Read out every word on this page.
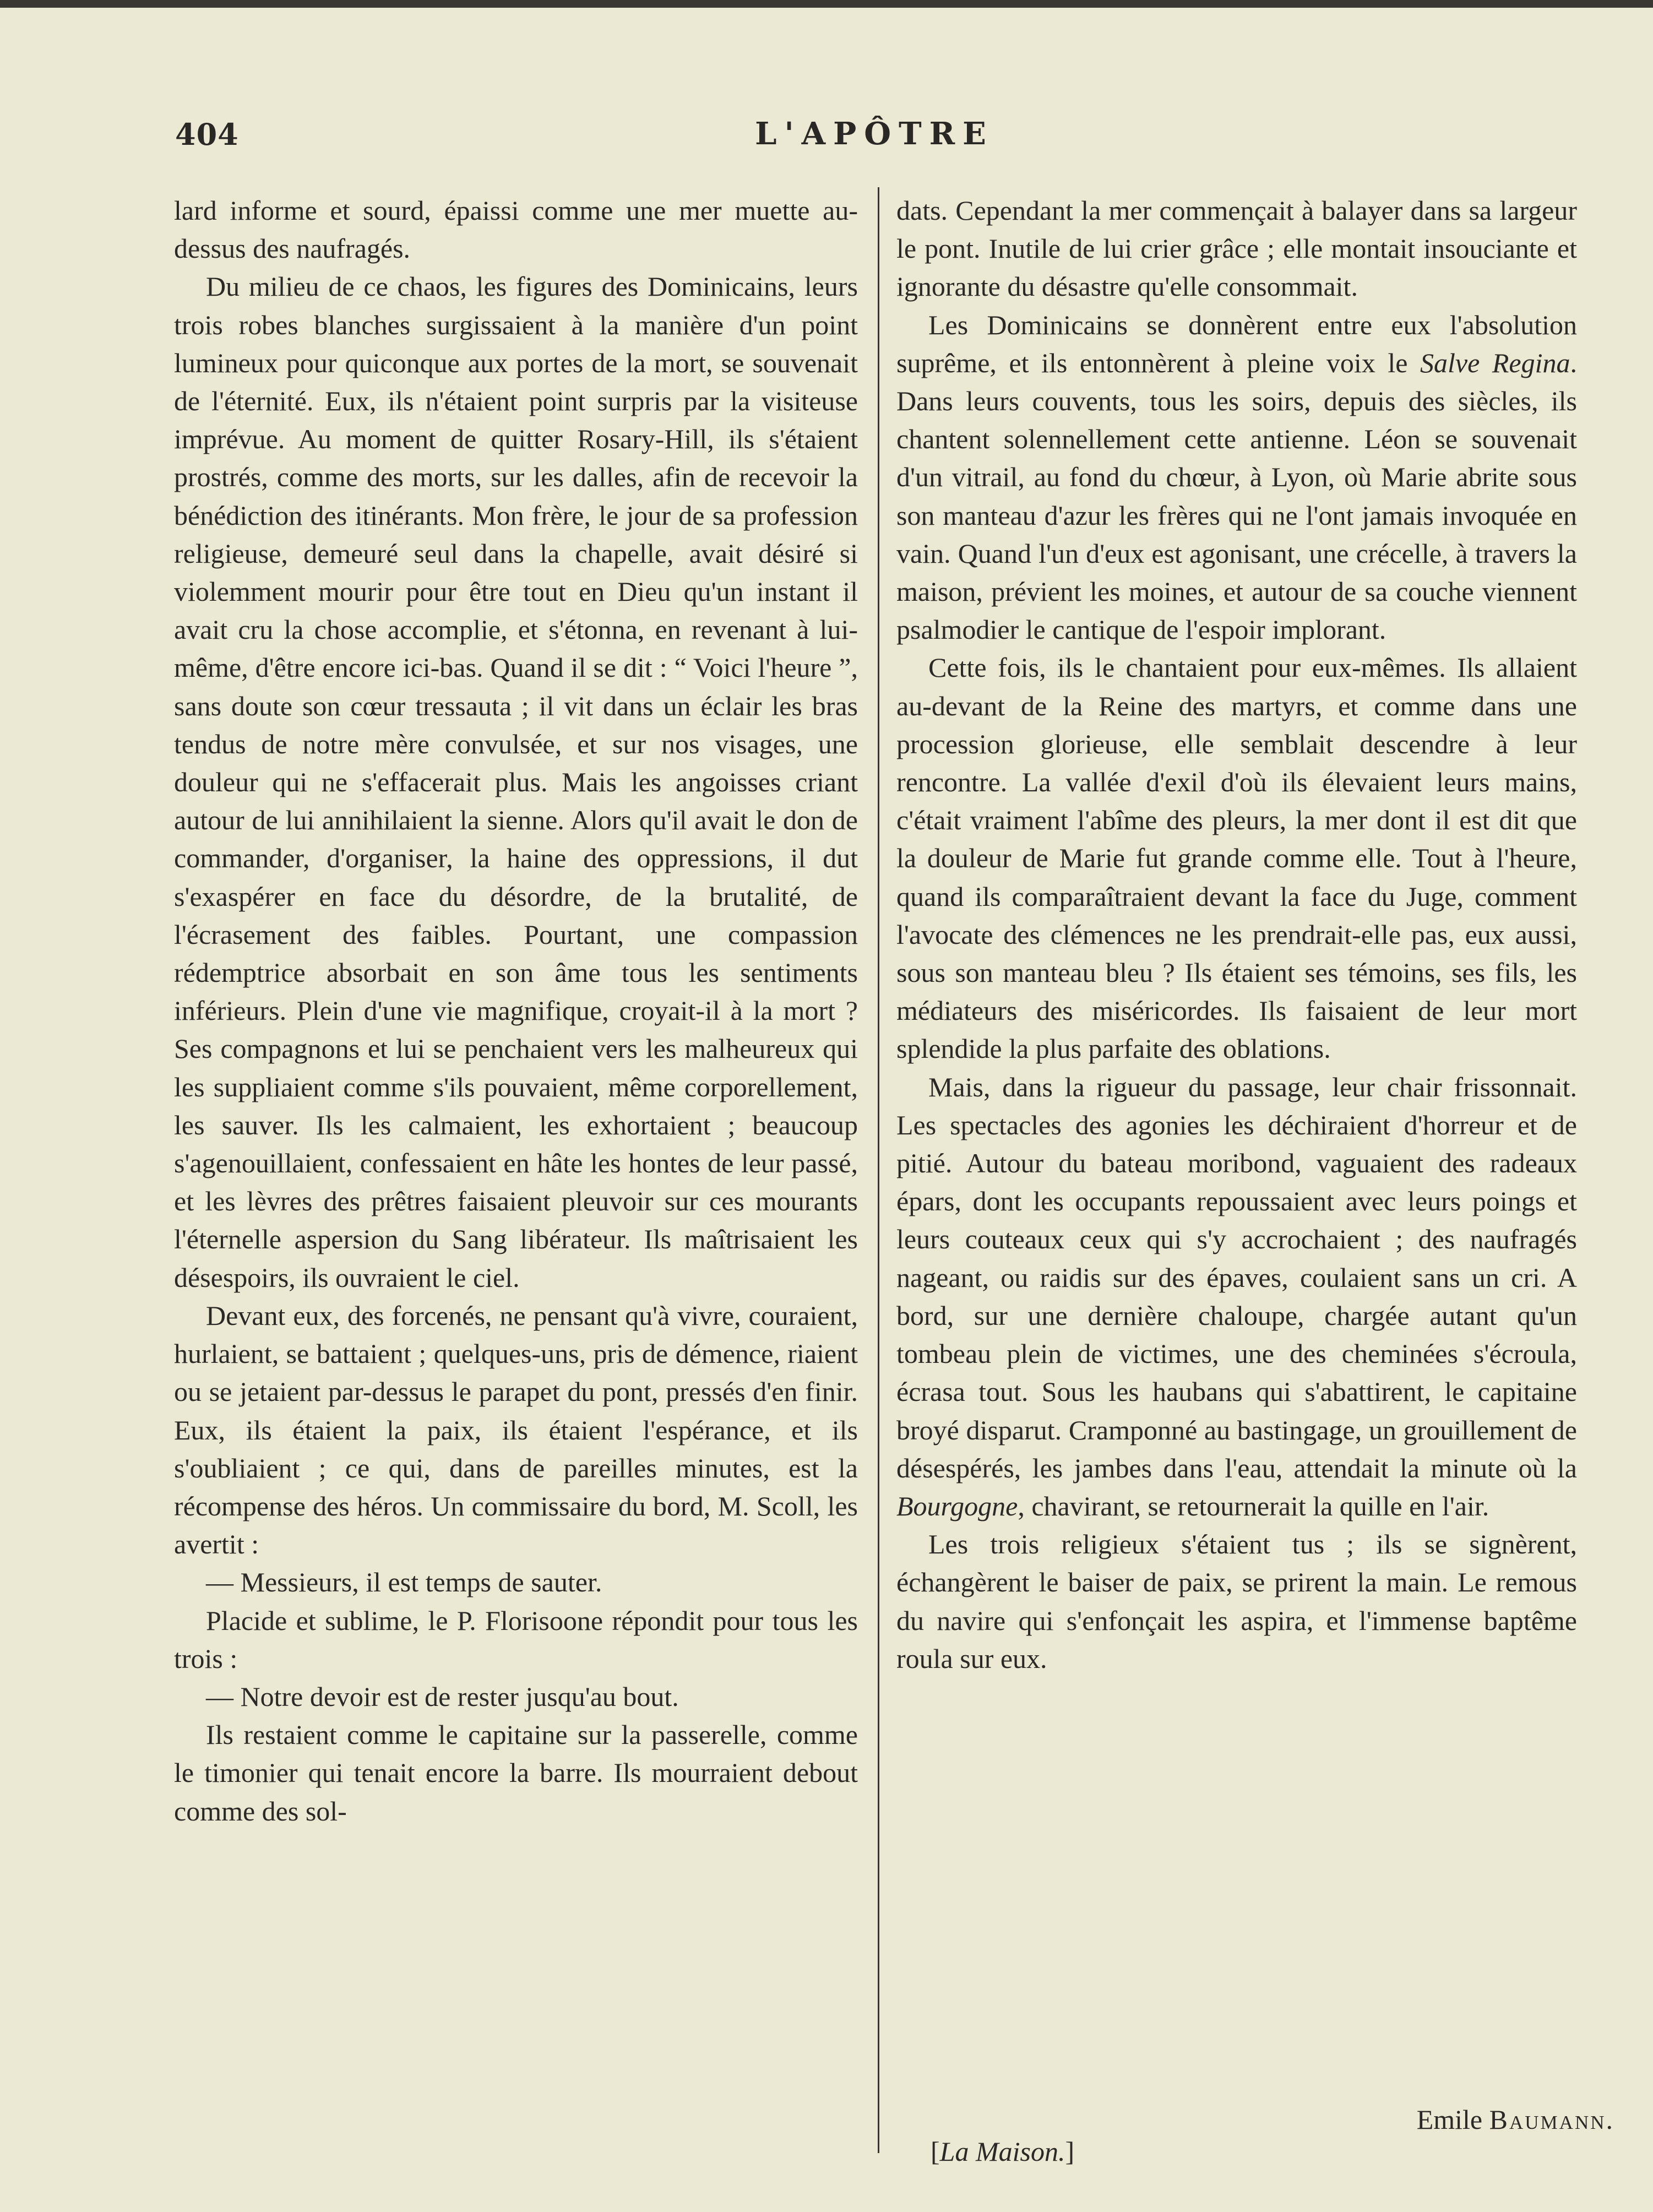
404	L'APÔTRE

lard informe et sourd, épaissi comme une mer muette au-dessus des naufragés.

Du milieu de ce chaos, les figures des Dominicains, leurs trois robes blanches surgissaient à la manière d'un point lumineux pour quiconque aux portes de la mort, se souvenait de l'éternité. Eux, ils n'étaient point surpris par la visiteuse imprévue. Au moment de quitter Rosary-Hill, ils s'étaient prostrés, comme des morts, sur les dalles, afin de recevoir la bénédiction des itinérants. Mon frère, le jour de sa profession religieuse, demeuré seul dans la chapelle, avait désiré si violemment mourir pour être tout en Dieu qu'un instant il avait cru la chose accomplie, et s'étonna, en revenant à lui-même, d'être encore ici-bas. Quand il se dit : “ Voici l'heure ”, sans doute son cœur tressauta ; il vit dans un éclair les bras tendus de notre mère convulsée, et sur nos visages, une douleur qui ne s'effacerait plus. Mais les angoisses criant autour de lui annihilaient la sienne. Alors qu'il avait le don de commander, d'organiser, la haine des oppressions, il dut s'exaspérer en face du désordre, de la brutalité, de l'écrasement des faibles. Pourtant, une compassion rédemptrice absorbait en son âme tous les sentiments inférieurs. Plein d'une vie magnifique, croyait-il à la mort ? Ses compagnons et lui se penchaient vers les malheureux qui les suppliaient comme s'ils pouvaient, même corporellement, les sauver. Ils les calmaient, les exhortaient ; beaucoup s'agenouillaient, confessaient en hâte les hontes de leur passé, et les lèvres des prêtres faisaient pleuvoir sur ces mourants l'éternelle aspersion du Sang libérateur. Ils maîtrisaient les désespoirs, ils ouvraient le ciel.

Devant eux, des forcenés, ne pensant qu'à vivre, couraient, hurlaient, se battaient ; quelques-uns, pris de démence, riaient ou se jetaient par-dessus le parapet du pont, pressés d'en finir. Eux, ils étaient la paix, ils étaient l'espérance, et ils s'oubliaient ; ce qui, dans de pareilles minutes, est la récompense des héros. Un commissaire du bord, M. Scoll, les avertit :

— Messieurs, il est temps de sauter.

Placide et sublime, le P. Florisoone répondit pour tous les trois :

— Notre devoir est de rester jusqu'au bout.

Ils restaient comme le capitaine sur la passerelle, comme le timonier qui tenait encore la barre. Ils mourraient debout comme des sol-

dats. Cependant la mer commençait à balayer dans sa largeur le pont. Inutile de lui crier grâce ; elle montait insouciante et ignorante du désastre qu'elle consommait.

Les Dominicains se donnèrent entre eux l'absolution suprême, et ils entonnèrent à pleine voix le Salve Regina. Dans leurs couvents, tous les soirs, depuis des siècles, ils chantent solennellement cette antienne. Léon se souvenait d'un vitrail, au fond du chœur, à Lyon, où Marie abrite sous son manteau d'azur les frères qui ne l'ont jamais invoquée en vain. Quand l'un d'eux est agonisant, une crécelle, à travers la maison, prévient les moines, et autour de sa couche viennent psalmodier le cantique de l'espoir implorant.

Cette fois, ils le chantaient pour eux-mêmes. Ils allaient au-devant de la Reine des martyrs, et comme dans une procession glorieuse, elle semblait descendre à leur rencontre. La vallée d'exil d'où ils élevaient leurs mains, c'était vraiment l'abîme des pleurs, la mer dont il est dit que la douleur de Marie fut grande comme elle. Tout à l'heure, quand ils comparaîtraient devant la face du Juge, comment l'avocate des clémences ne les prendrait-elle pas, eux aussi, sous son manteau bleu ? Ils étaient ses témoins, ses fils, les médiateurs des miséricordes. Ils faisaient de leur mort splendide la plus parfaite des oblations.

Mais, dans la rigueur du passage, leur chair frissonnait. Les spectacles des agonies les déchiraient d'horreur et de pitié. Autour du bateau moribond, vaguaient des radeaux épars, dont les occupants repoussaient avec leurs poings et leurs couteaux ceux qui s'y accrochaient ; des naufragés nageant, ou raidis sur des épaves, coulaient sans un cri. A bord, sur une dernière chaloupe, chargée autant qu'un tombeau plein de victimes, une des cheminées s'écroula, écrasa tout. Sous les haubans qui s'abattirent, le capitaine broyé disparut. Cramponné au bastingage, un grouillement de désespérés, les jambes dans l'eau, attendait la minute où la Bourgogne, chavirant, se retournerait la quille en l'air.

Les trois religieux s'étaient tus ; ils se signèrent, échangèrent le baiser de paix, se prirent la main. Le remous du navire qui s'enfonçait les aspira, et l'immense baptême roula sur eux.

Emile Baumann.
[La Maison.]
